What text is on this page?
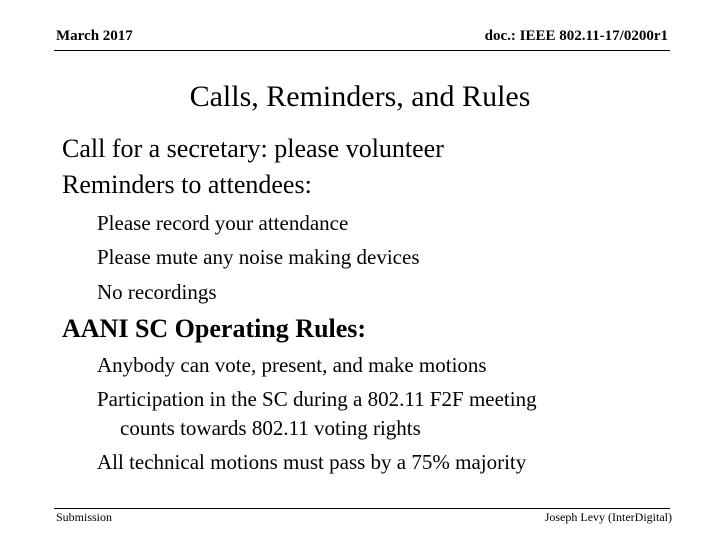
March 2017	doc.: IEEE 802.11-17/0200r1
Calls, Reminders, and Rules
Call for a secretary: please volunteer
Reminders to attendees:
Please record your attendance
Please mute any noise making devices
No recordings
AANI SC Operating Rules:
Anybody can vote, present, and make motions
Participation in the SC during a 802.11 F2F meeting
counts towards 802.11 voting rights
All technical motions must pass by a 75% majority
Submission	Joseph Levy (InterDigital)
